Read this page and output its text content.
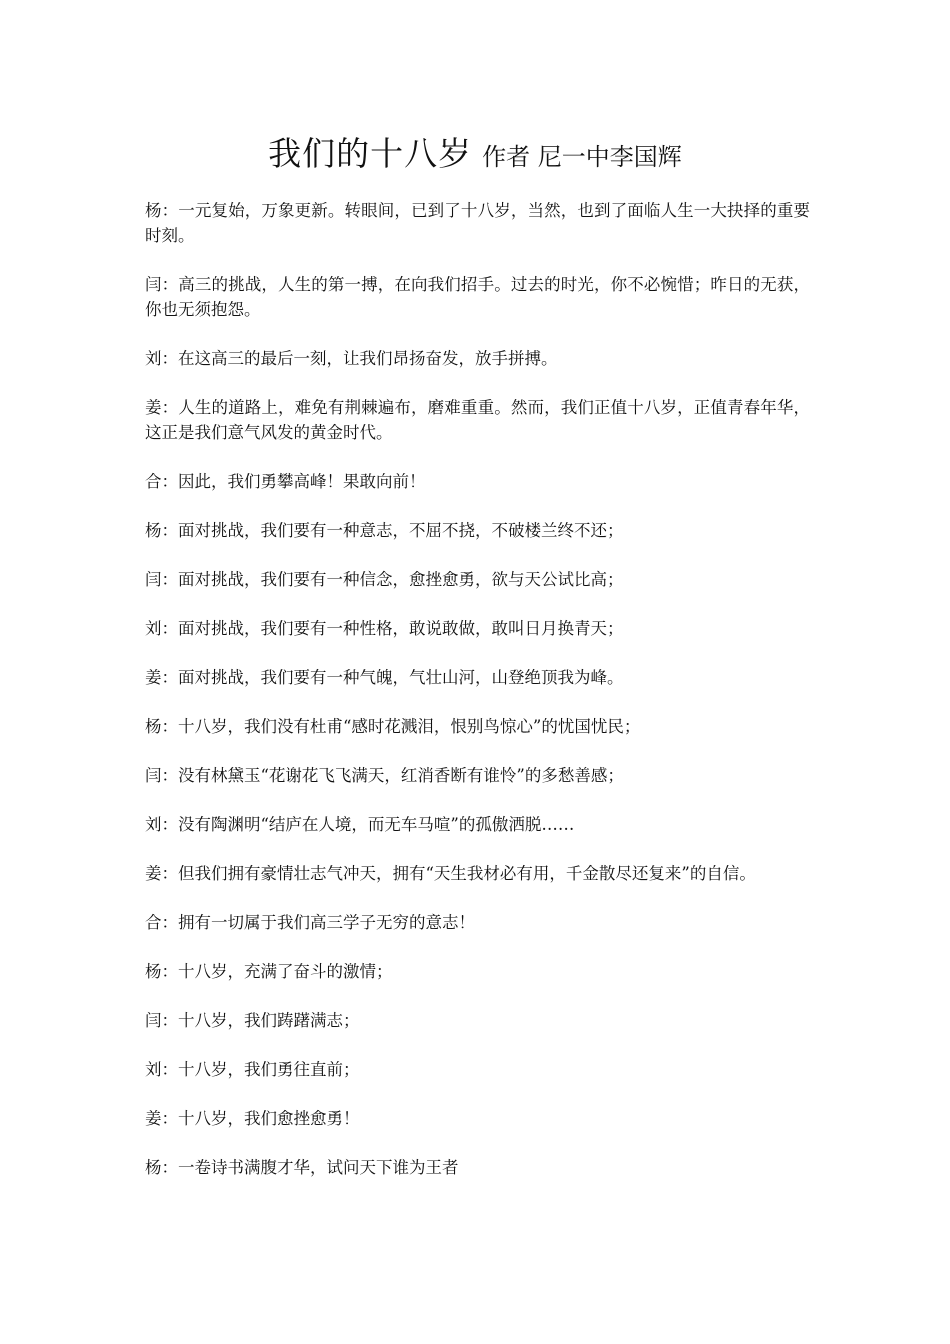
我们的十八岁 作者 尼一中李国辉

杨：一元复始，万象更新。转眼间，已到了十八岁，当然，也到了面临人生一大抉择的重要时刻。

闫：高三的挑战，人生的第一搏，在向我们招手。过去的时光，你不必惋惜；昨日的无获，你也无须抱怨。

刘：在这高三的最后一刻，让我们昂扬奋发，放手拼搏。

姜：人生的道路上，难免有荆棘遍布，磨难重重。然而，我们正值十八岁，正值青春年华，这正是我们意气风发的黄金时代。

合：因此，我们勇攀高峰！果敢向前！

杨：面对挑战，我们要有一种意志，不屈不挠，不破楼兰终不还；

闫：面对挑战，我们要有一种信念，愈挫愈勇，欲与天公试比高；

刘：面对挑战，我们要有一种性格，敢说敢做，敢叫日月换青天；

姜：面对挑战，我们要有一种气魄，气壮山河，山登绝顶我为峰。

杨：十八岁，我们没有杜甫“感时花溅泪，恨别鸟惊心”的忧国忧民；

闫：没有林黛玉“花谢花飞飞满天，红消香断有谁怜”的多愁善感；

刘：没有陶渊明“结庐在人境，而无车马喧”的孤傲洒脱……

姜：但我们拥有豪情壮志气冲天，拥有“天生我材必有用，千金散尽还复来”的自信。

合：拥有一切属于我们高三学子无穷的意志！

杨：十八岁，充满了奋斗的激情；

闫：十八岁，我们踌躇满志；

刘：十八岁，我们勇往直前；

姜：十八岁，我们愈挫愈勇！

杨：一卷诗书满腹才华，试问天下谁为王者
